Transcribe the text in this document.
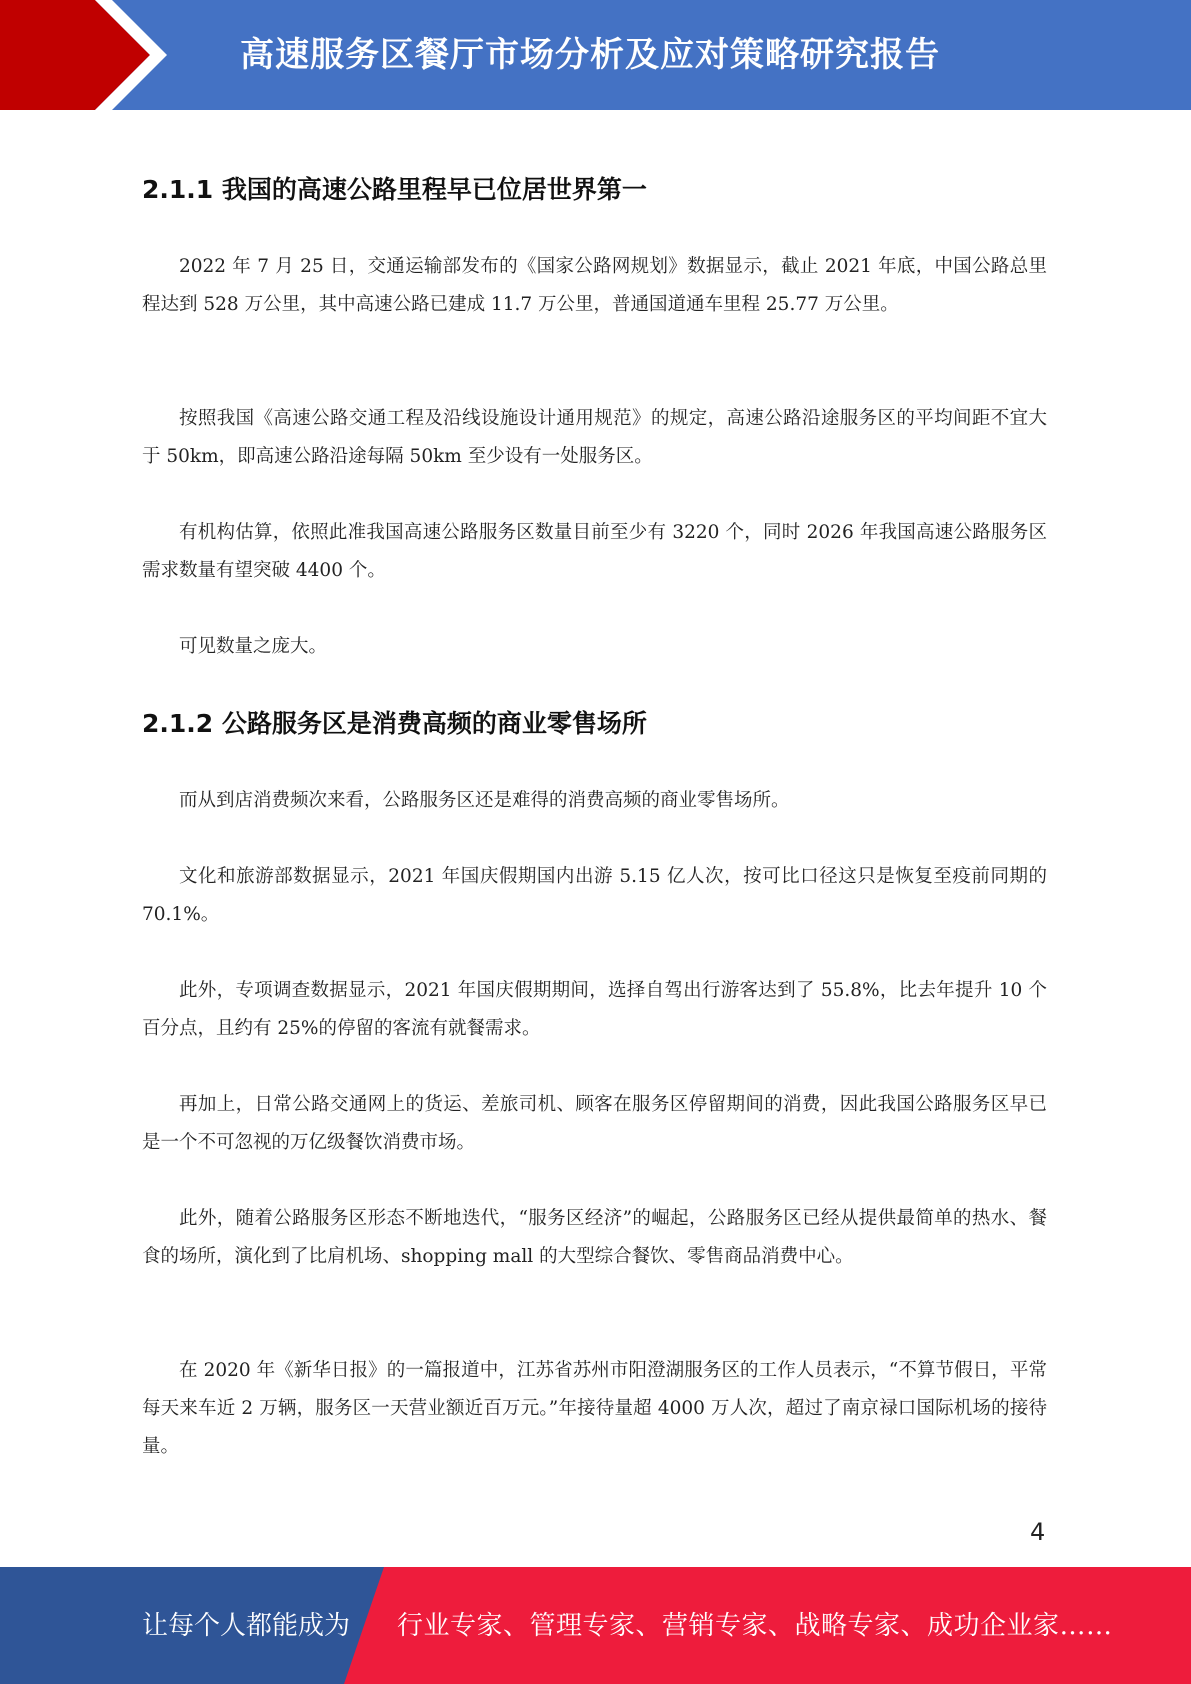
高速服务区餐厅市场分析及应对策略研究报告
2.1.1 我国的高速公路里程早已位居世界第一
2022 年 7 月 25 日，交通运输部发布的《国家公路网规划》数据显示，截止 2021 年底，中国公路总里程达到 528 万公里，其中高速公路已建成 11.7 万公里，普通国道通车里程 25.77 万公里。
按照我国《高速公路交通工程及沿线设施设计通用规范》的规定，高速公路沿途服务区的平均间距不宜大于 50km，即高速公路沿途每隔 50km 至少设有一处服务区。
有机构估算，依照此准我国高速公路服务区数量目前至少有 3220 个，同时 2026 年我国高速公路服务区需求数量有望突破 4400 个。
可见数量之庞大。
2.1.2 公路服务区是消费高频的商业零售场所
而从到店消费频次来看，公路服务区还是难得的消费高频的商业零售场所。
文化和旅游部数据显示，2021 年国庆假期国内出游 5.15 亿人次，按可比口径这只是恢复至疫前同期的 70.1%。
此外，专项调查数据显示，2021 年国庆假期期间，选择自驾出行游客达到了 55.8%，比去年提升 10 个百分点，且约有 25%的停留的客流有就餐需求。
再加上，日常公路交通网上的货运、差旅司机、顾客在服务区停留期间的消费，因此我国公路服务区早已是一个不可忽视的万亿级餐饮消费市场。
此外，随着公路服务区形态不断地迭代，“服务区经济”的崛起，公路服务区已经从提供最简单的热水、餐食的场所，演化到了比肩机场、shopping mall 的大型综合餐饮、零售商品消费中心。
在 2020 年《新华日报》的一篇报道中，江苏省苏州市阳澄湖服务区的工作人员表示，“不算节假日，平常每天来车近 2 万辆，服务区一天营业额近百万元。”年接待量超 4000 万人次，超过了南京禄口国际机场的接待量。
4
让每个人都能成为 行业专家、管理专家、营销专家、战略专家、成功企业家……
